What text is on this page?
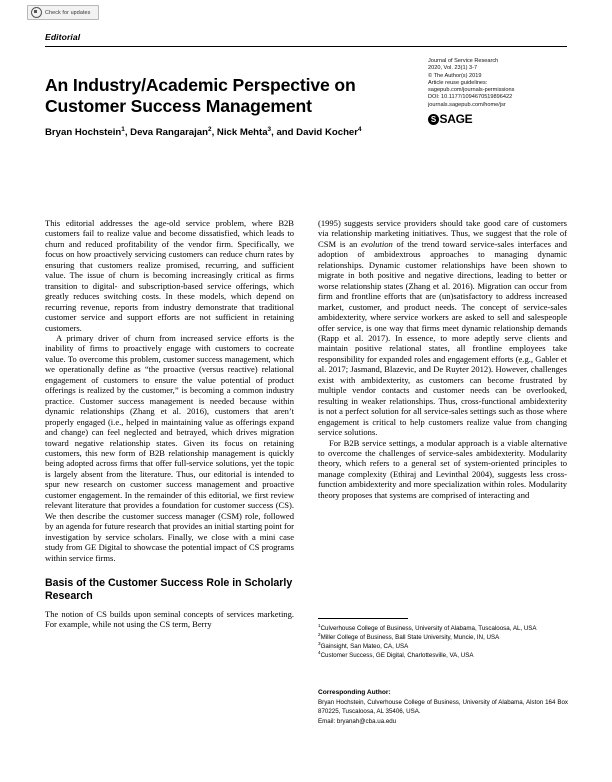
Check for updates
Editorial
Journal of Service Research
2020, Vol. 23(1) 3-7
© The Author(s) 2019
Article reuse guidelines:
sagepub.com/journals-permissions
DOI: 10.1177/1094670519896422
journals.sagepub.com/home/jsr
S SAGE
An Industry/Academic Perspective on Customer Success Management
Bryan Hochstein$^1$, Deva Rangarajan$^2$, Nick Mehta$^3$, and David Kocher$^4$

This editorial addresses the age-old service problem, where B2B customers fail to realize value and become dissatisfied, which leads to churn and reduced profitability of the vendor firm. Specifically, we focus on how proactively servicing customers can reduce churn rates by ensuring that customers realize promised, recurring, and sufficient value. The issue of churn is becoming increasingly critical as firms transition to digital- and subscription-based service offerings, which greatly reduces switching costs. In these models, which depend on recurring revenue, reports from industry demonstrate that traditional customer service and support efforts are not sufficient in retaining customers.

A primary driver of churn from increased service efforts is the inability of firms to proactively engage with customers to cocreate value. To overcome this problem, customer success management, which we operationally define as “the proactive (versus reactive) relational engagement of customers to ensure the value potential of product offerings is realized by the customer,” is becoming a common industry practice. Customer success management is needed because within dynamic relationships (Zhang et al. 2016), customers that aren’t properly engaged (i.e., helped in maintaining value as offerings expand and change) can feel neglected and betrayed, which drives migration toward negative relationship states. Given its focus on retaining customers, this new form of B2B relationship management is quickly being adopted across firms that offer full-service solutions, yet the topic is largely absent from the literature. Thus, our editorial is intended to spur new research on customer success management and proactive customer engagement. In the remainder of this editorial, we first review relevant literature that provides a foundation for customer success (CS). We then describe the customer success manager (CSM) role, followed by an agenda for future research that provides an initial starting point for investigation by service scholars. Finally, we close with a mini case study from GE Digital to showcase the potential impact of CS programs within service firms.

Basis of the Customer Success Role in Scholarly Research

The notion of CS builds upon seminal concepts of services marketing. For example, while not using the CS term, Berry

(1995) suggests service providers should take good care of customers via relationship marketing initiatives. Thus, we suggest that the role of CSM is an evolution of the trend toward service-sales interfaces and adoption of ambidextrous approaches to managing dynamic relationships. Dynamic customer relationships have been shown to migrate in both positive and negative directions, leading to better or worse relationship states (Zhang et al. 2016). Migration can occur from firm and frontline efforts that are (un)satisfactory to address increased market, customer, and product needs. The concept of service-sales ambidexterity, where service workers are asked to sell and salespeople offer service, is one way that firms meet dynamic relationship demands (Rapp et al. 2017). In essence, to more adeptly serve clients and maintain positive relational states, all frontline employees take responsibility for expanded roles and engagement efforts (e.g., Gabler et al. 2017; Jasmand, Blazevic, and De Ruyter 2012). However, challenges exist with ambidexterity, as customers can become frustrated by multiple vendor contacts and customer needs can be overlooked, resulting in weaker relationships. Thus, cross-functional ambidexterity is not a perfect solution for all service-sales settings such as those where engagement is critical to help customers realize value from changing service solutions.

For B2B service settings, a modular approach is a viable alternative to overcome the challenges of service-sales ambidexterity. Modularity theory, which refers to a general set of system-oriented principles to manage complexity (Ethiraj and Levinthal 2004), suggests less cross-function ambidexterity and more specialization within roles. Modularity theory proposes that systems are comprised of interacting and

$^1$Culverhouse College of Business, University of Alabama, Tuscaloosa, AL, USA
$^2$Miller College of Business, Ball State University, Muncie, IN, USA
$^3$Gainsight, San Mateo, CA, USA
$^4$Customer Success, GE Digital, Charlottesville, VA, USA
Corresponding Author:
Bryan Hochstein, Culverhouse College of Business, University of Alabama, Alston 164 Box 870225, Tuscaloosa, AL 35406, USA.
Email: bryanah@cba.ua.edu
